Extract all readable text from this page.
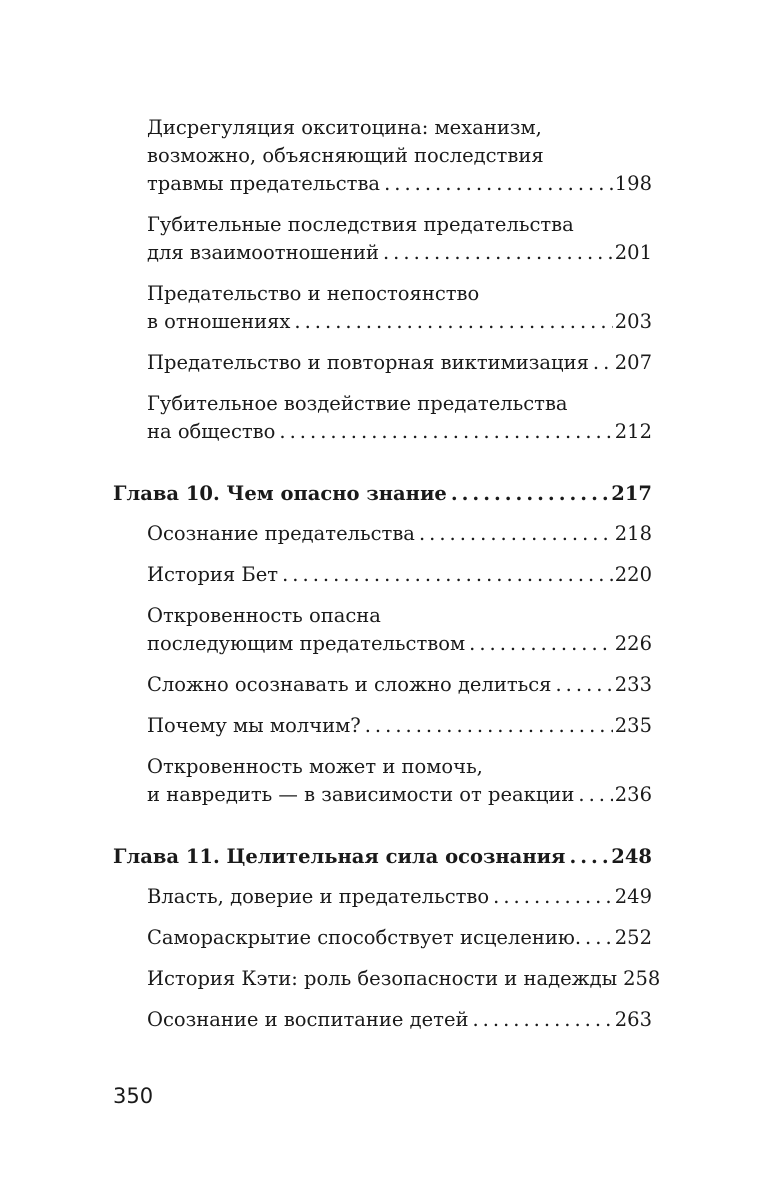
Дисрегуляция окситоцина: механизм,
возможно, объясняющий последствия
травмы предательства .....	198
Губительные последствия предательства
для взаимоотношений .....	201
Предательство и непостоянство
в отношениях .....	203
Предательство и повторная виктимизация ..... 207
Губительное воздействие предательства
на общество .....	212
Глава 10. Чем опасно знание .....	217
Осознание предательства .....	218
История Бет .....	220
Откровенность опасна
последующим предательством .....	226
Сложно осознавать и сложно делиться .....	233
Почему мы молчим? .....	235
Откровенность может и помочь,
и навредить — в зависимости от реакции ..... 236
Глава 11. Целительная сила осознания ..... 248
Власть, доверие и предательство .....	249
Самораскрытие способствует исцелению. ..... 252
История Кэти: роль безопасности и надежды 258
Осознание и воспитание детей .....	263
350
